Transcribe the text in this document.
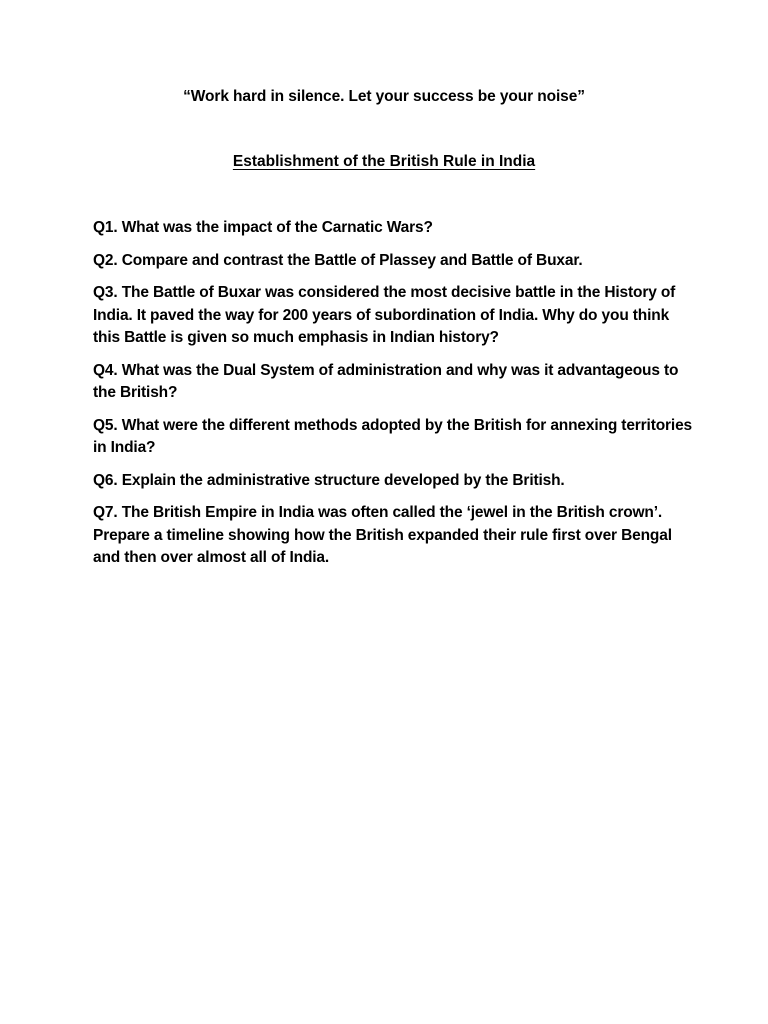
“Work hard in silence. Let your success be your noise”
Establishment of the British Rule in India

Q1. What was the impact of the Carnatic Wars?

Q2. Compare and contrast the Battle of Plassey and Battle of Buxar.

Q3. The Battle of Buxar was considered the most decisive battle in the History of India. It paved the way for 200 years of subordination of India. Why do you think this Battle is given so much emphasis in Indian history?

Q4. What was the Dual System of administration and why was it advantageous to the British?

Q5. What were the different methods adopted by the British for annexing territories in India?

Q6. Explain the administrative structure developed by the British.

Q7. The British Empire in India was often called the ‘jewel in the British crown’. Prepare a timeline showing how the British expanded their rule first over Bengal and then over almost all of India.
